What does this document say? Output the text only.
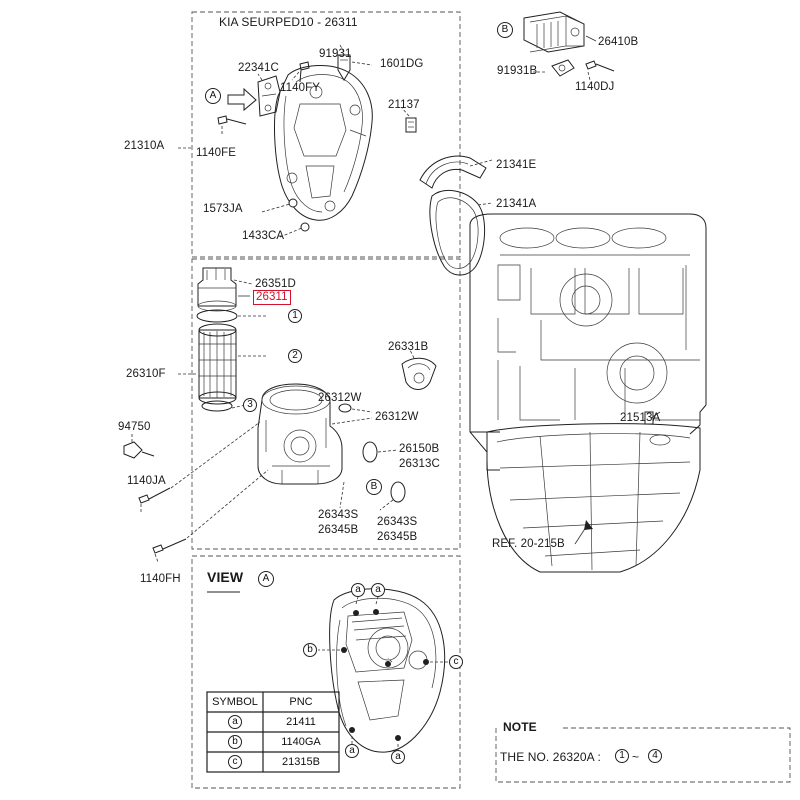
KIA SEURPED10 - 26311
21310A
22341C
1140FY
91931
1601DG
21137
1140FE
1573JA
1433CA
A
B
26410B
91931B
1140DJ
21341E
21341A
21513A
REF. 20-215B
26310F
26351D
26311
1
2
3
26331B
26312W
26312W
26150B
26313C
B
26343S
26345B
26343S
26345B
94750
1140JA
1140FH VIEW	A
a	a
b
c
a
a
SYMBOL	PNC
a	21411
b	1140GA
c	21315B
NOTE
THE NO. 26320A :	1 ~	4
